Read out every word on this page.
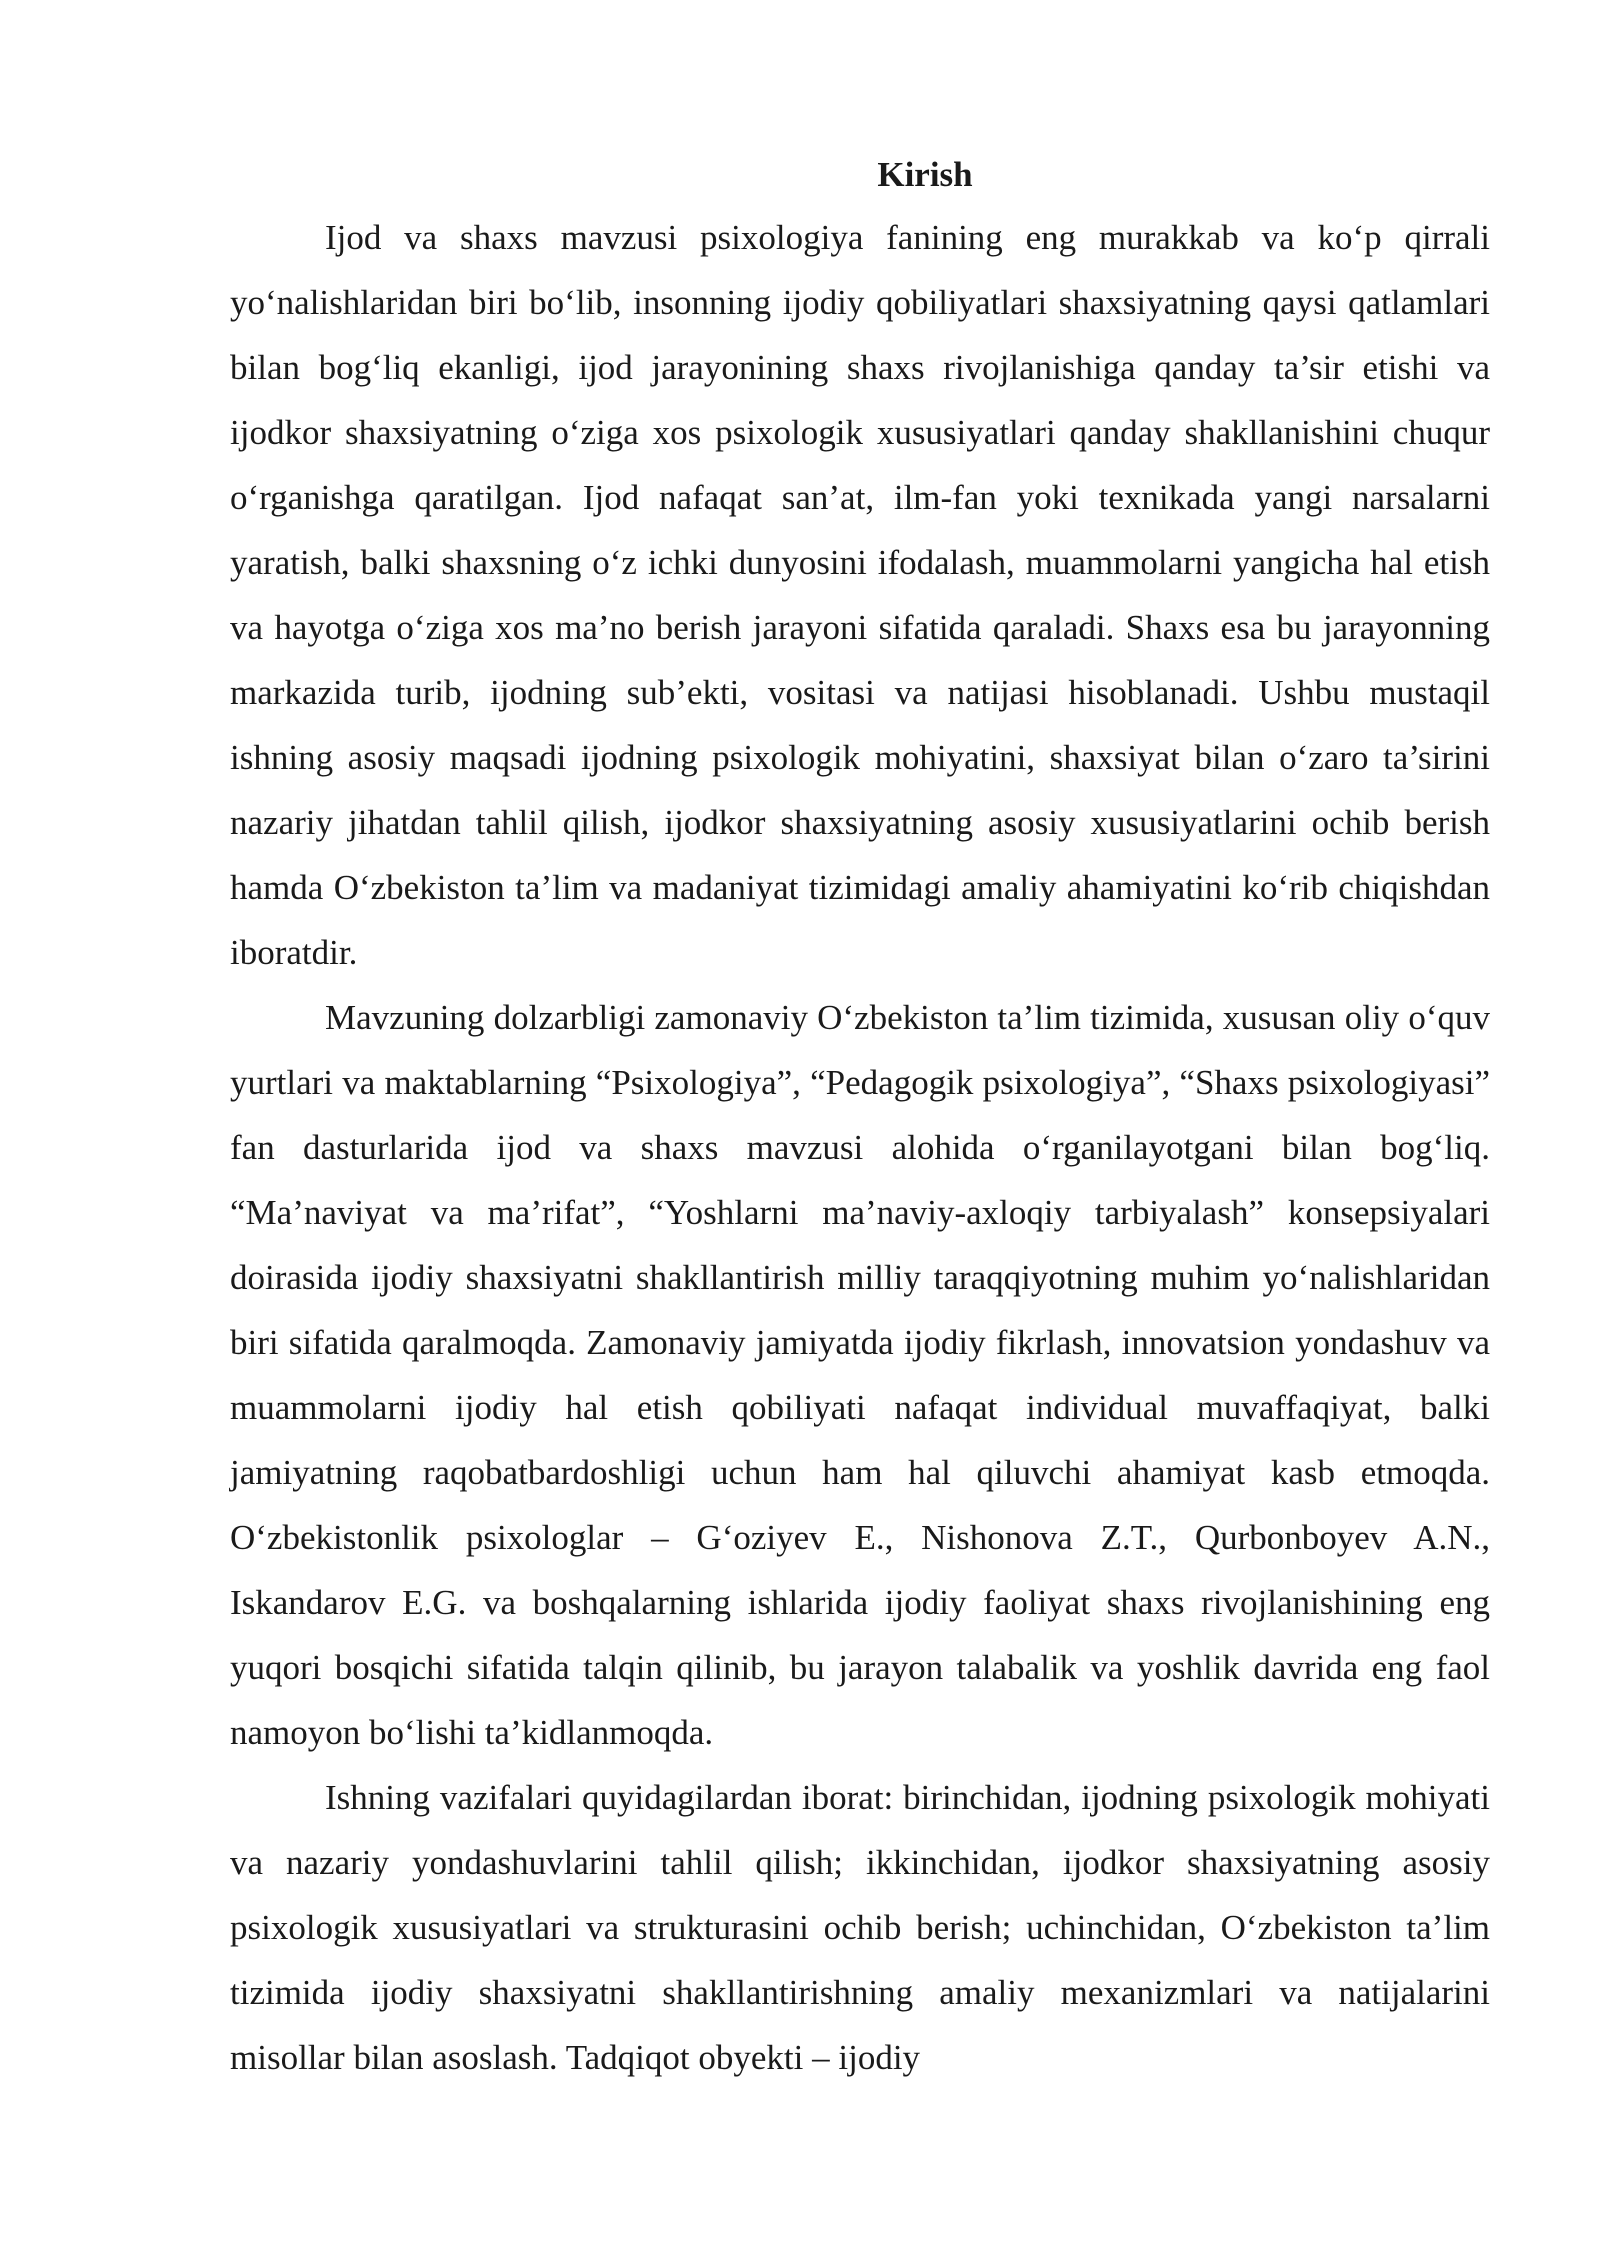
Kirish

Ijod va shaxs mavzusi psixologiya fanining eng murakkab va ko‘p qirrali yo‘nalishlaridan biri bo‘lib, insonning ijodiy qobiliyatlari shaxsiyatning qaysi qatlamlari bilan bog‘liq ekanligi, ijod jarayonining shaxs rivojlanishiga qanday ta’sir etishi va ijodkor shaxsiyatning o‘ziga xos psixologik xususiyatlari qanday shakllanishini chuqur o‘rganishga qaratilgan. Ijod nafaqat san’at, ilm-fan yoki texnikada yangi narsalarni yaratish, balki shaxsning o‘z ichki dunyosini ifodalash, muammolarni yangicha hal etish va hayotga o‘ziga xos ma’no berish jarayoni sifatida qaraladi. Shaxs esa bu jarayonning markazida turib, ijodning sub’ekti, vositasi va natijasi hisoblanadi. Ushbu mustaqil ishning asosiy maqsadi ijodning psixologik mohiyatini, shaxsiyat bilan o‘zaro ta’sirini nazariy jihatdan tahlil qilish, ijodkor shaxsiyatning asosiy xususiyatlarini ochib berish hamda O‘zbekiston ta’lim va madaniyat tizimidagi amaliy ahamiyatini ko‘rib chiqishdan iboratdir.

Mavzuning dolzarbligi zamonaviy O‘zbekiston ta’lim tizimida, xususan oliy o‘quv yurtlari va maktablarning “Psixologiya”, “Pedagogik psixologiya”, “Shaxs psixologiyasi” fan dasturlarida ijod va shaxs mavzusi alohida o‘rganilayotgani bilan bog‘liq. “Ma’naviyat va ma’rifat”, “Yoshlarni ma’naviy-axloqiy tarbiyalash” konsepsiyalari doirasida ijodiy shaxsiyatni shakllantirish milliy taraqqiyotning muhim yo‘nalishlaridan biri sifatida qaralmoqda. Zamonaviy jamiyatda ijodiy fikrlash, innovatsion yondashuv va muammolarni ijodiy hal etish qobiliyati nafaqat individual muvaffaqiyat, balki jamiyatning raqobatbardoshligi uchun ham hal qiluvchi ahamiyat kasb etmoqda. O‘zbekistonlik psixologlar – G‘oziyev E., Nishonova Z.T., Qurbonboyev A.N., Iskandarov E.G. va boshqalarning ishlarida ijodiy faoliyat shaxs rivojlanishining eng yuqori bosqichi sifatida talqin qilinib, bu jarayon talabalik va yoshlik davrida eng faol namoyon bo‘lishi ta’kidlanmoqda.

Ishning vazifalari quyidagilardan iborat: birinchidan, ijodning psixologik mohiyati va nazariy yondashuvlarini tahlil qilish; ikkinchidan, ijodkor shaxsiyatning asosiy psixologik xususiyatlari va strukturasini ochib berish; uchinchidan, O‘zbekiston ta’lim tizimida ijodiy shaxsiyatni shakllantirishning amaliy mexanizmlari va natijalarini misollar bilan asoslash. Tadqiqot obyekti – ijodiy
